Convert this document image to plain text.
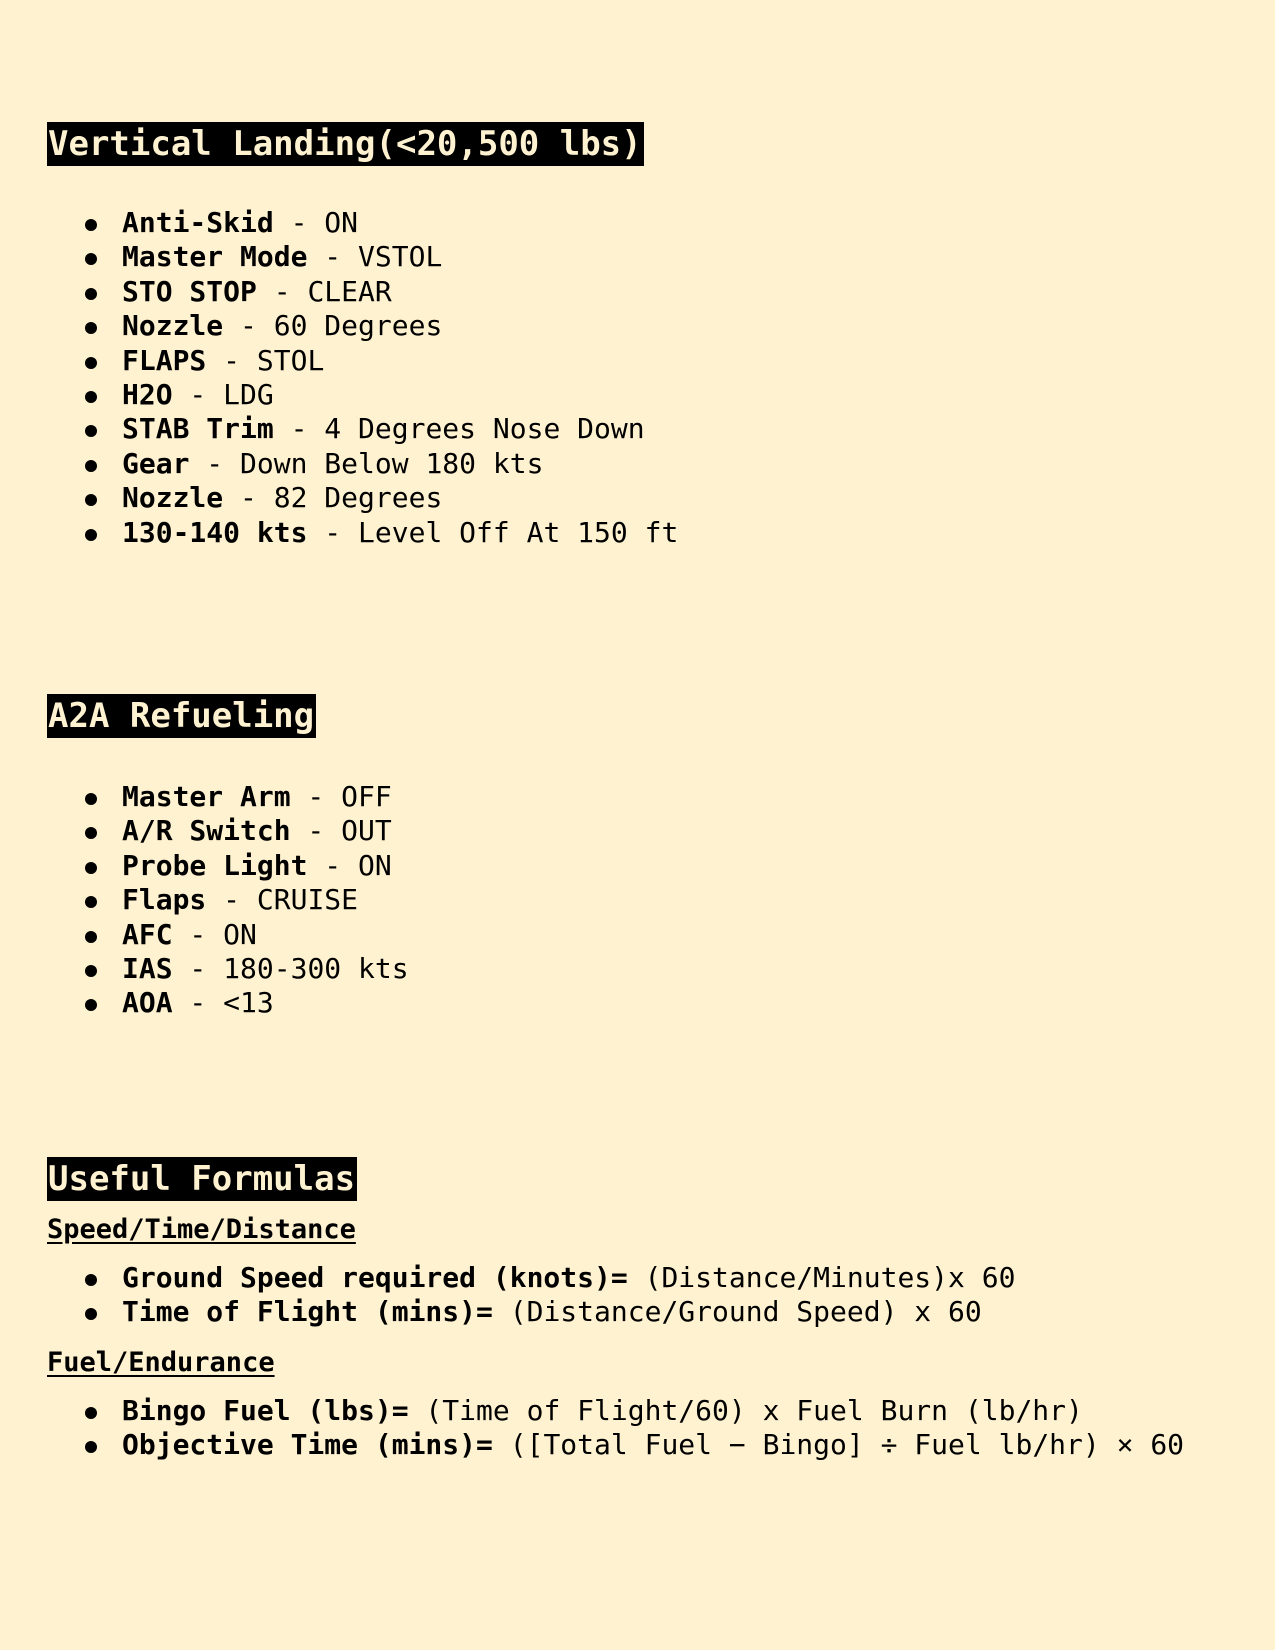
Vertical Landing(<20,500 lbs)
Anti-Skid - ON
Master Mode - VSTOL
STO STOP - CLEAR
Nozzle - 60 Degrees
FLAPS - STOL
H2O - LDG
STAB Trim - 4 Degrees Nose Down
Gear - Down Below 180 kts
Nozzle - 82 Degrees
130-140 kts - Level Off At 150 ft
A2A Refueling
Master Arm - OFF
A/R Switch - OUT
Probe Light - ON
Flaps - CRUISE
AFC - ON
IAS - 180-300 kts
AOA - <13
Useful Formulas
Speed/Time/Distance
Ground Speed required (knots)= (Distance/Minutes)x 60
Time of Flight (mins)= (Distance/Ground Speed) x 60
Fuel/Endurance
Bingo Fuel (lbs)= (Time of Flight/60) x Fuel Burn (lb/hr)
Objective Time (mins)= ([Total Fuel − Bingo] ÷ Fuel lb/hr) × 60
